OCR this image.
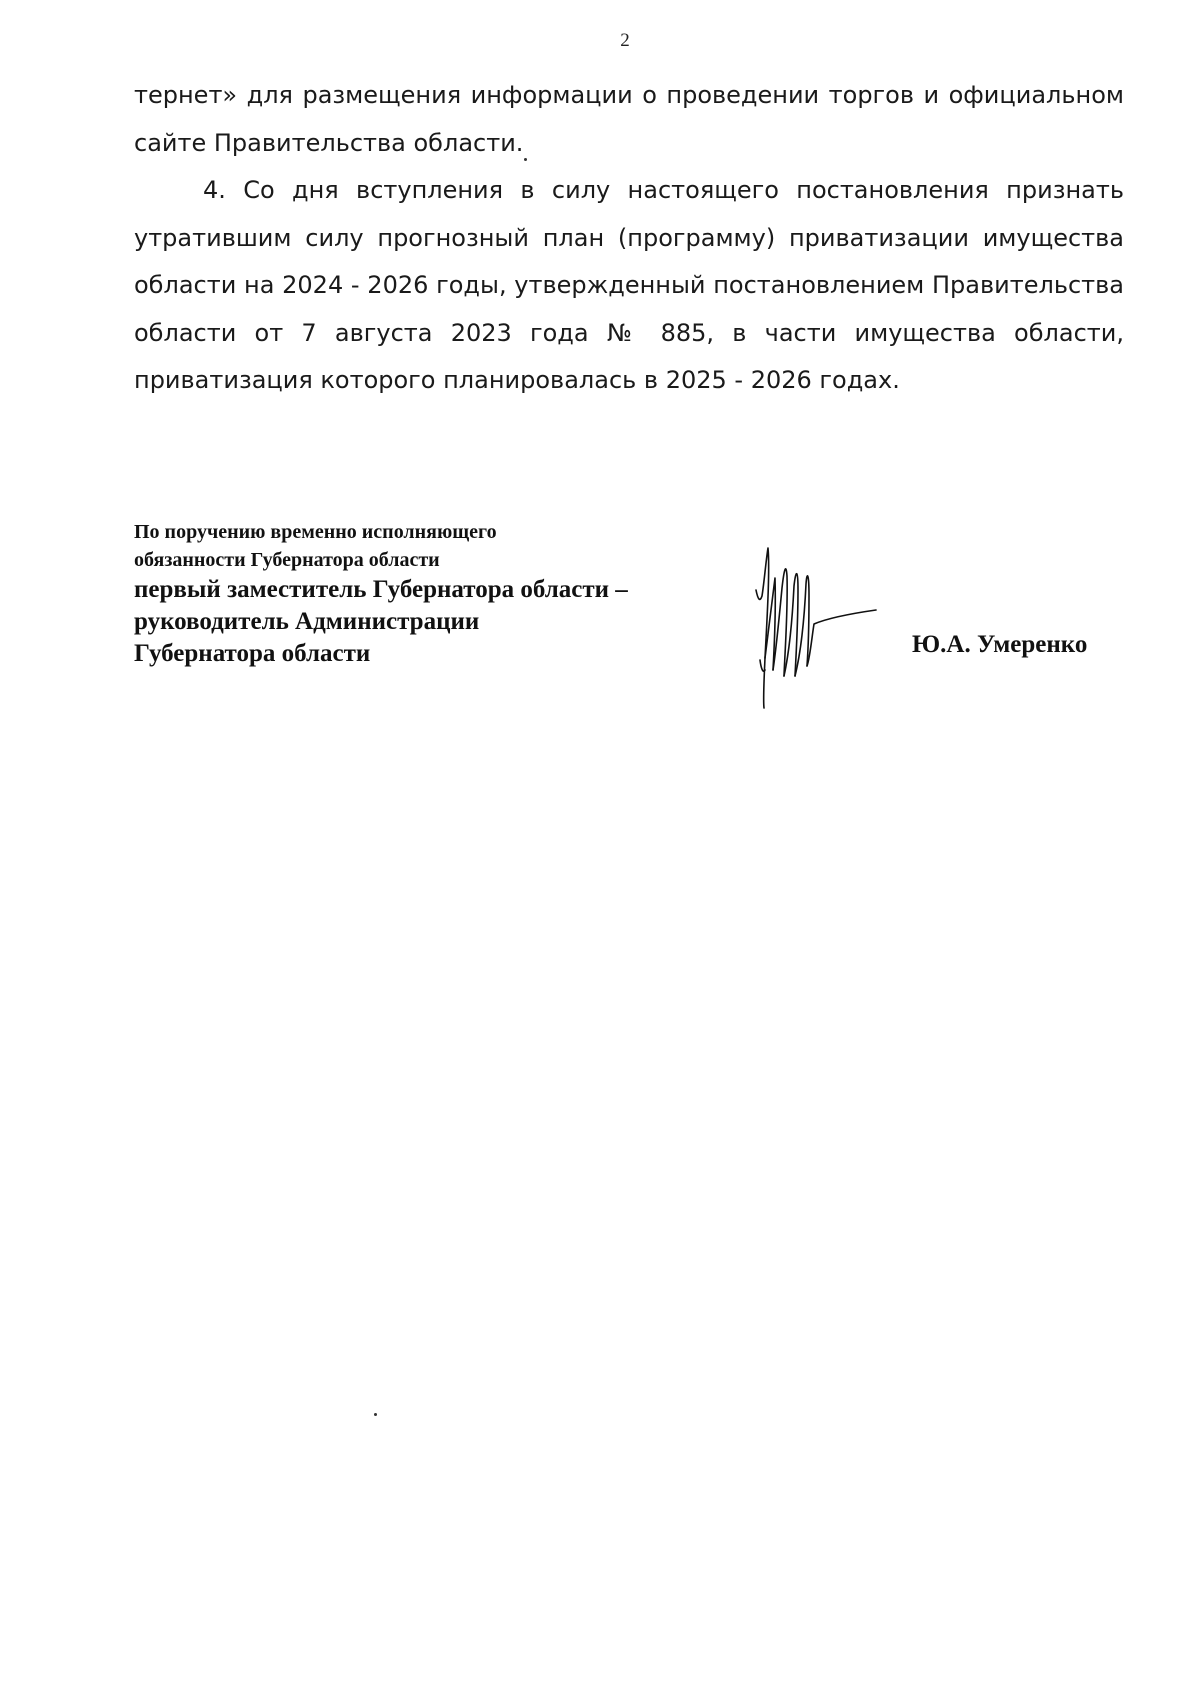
2

тернет» для размещения информации о проведении торгов и официальном сайте Правительства области.

4. Со дня вступления в силу настоящего постановления признать утратившим силу прогнозный план (программу) приватизации имущества области на 2024 - 2026 годы, утвержденный постановлением Правительства области от 7 августа 2023 года № 885, в части имущества области, приватизация которого планировалась в 2025 - 2026 годах.

По поручению временно исполняющего
обязанности Губернатора области
первый заместитель Губернатора области –
руководитель Администрации
Губернатора области	Ю.А. Умеренко
